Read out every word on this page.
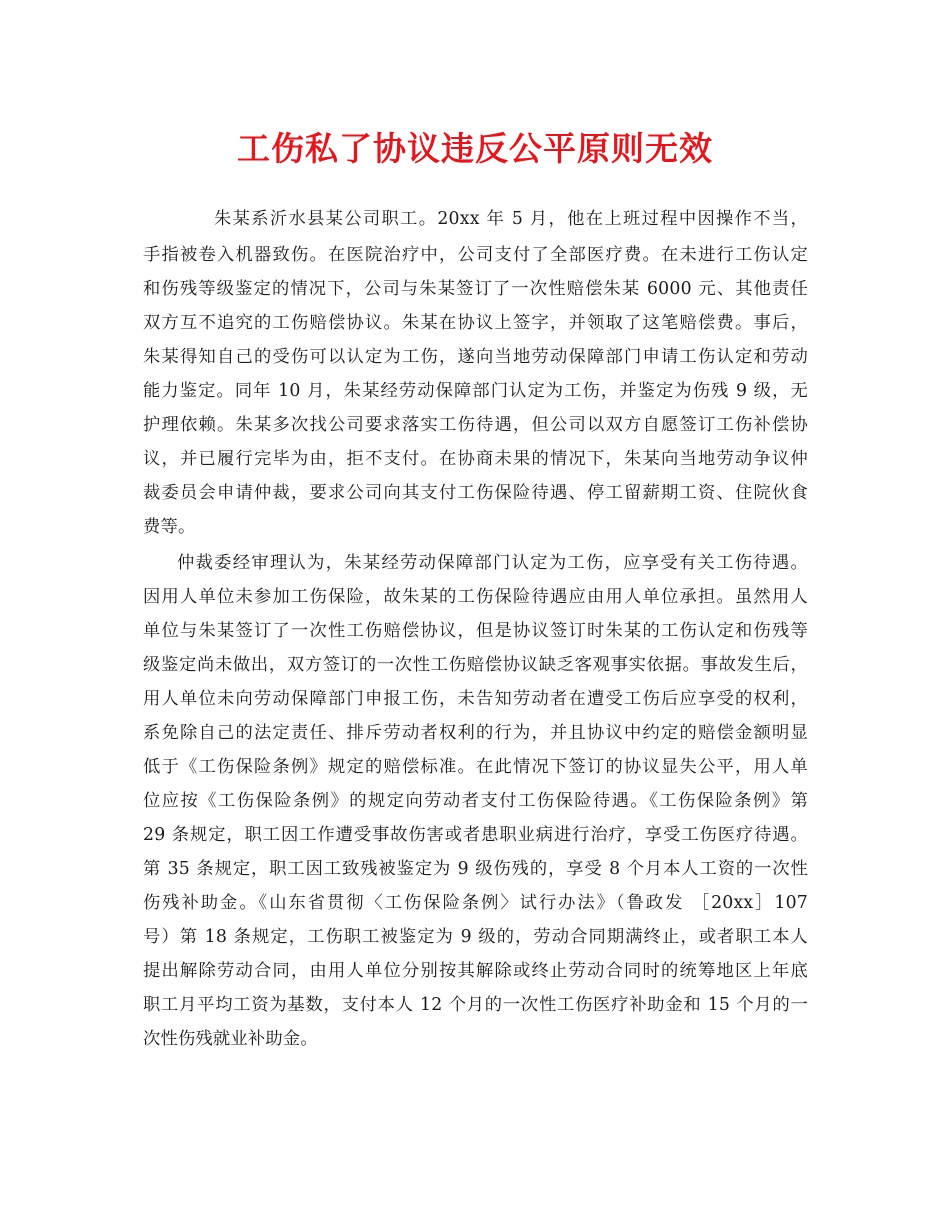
工伤私了协议违反公平原则无效
朱某系沂水县某公司职工。20xx 年 5 月，他在上班过程中因操作不当，
手指被卷入机器致伤。在医院治疗中，公司支付了全部医疗费。在未进行工伤认定
和伤残等级鉴定的情况下，公司与朱某签订了一次性赔偿朱某 6000 元、其他责任
双方互不追究的工伤赔偿协议。朱某在协议上签字，并领取了这笔赔偿费。事后，
朱某得知自己的受伤可以认定为工伤，遂向当地劳动保障部门申请工伤认定和劳动
能力鉴定。同年 10 月，朱某经劳动保障部门认定为工伤，并鉴定为伤残 9 级，无
护理依赖。朱某多次找公司要求落实工伤待遇，但公司以双方自愿签订工伤补偿协
议，并已履行完毕为由，拒不支付。在协商未果的情况下，朱某向当地劳动争议仲
裁委员会申请仲裁，要求公司向其支付工伤保险待遇、停工留薪期工资、住院伙食
费等。
仲裁委经审理认为，朱某经劳动保障部门认定为工伤，应享受有关工伤待遇。
因用人单位未参加工伤保险，故朱某的工伤保险待遇应由用人单位承担。虽然用人
单位与朱某签订了一次性工伤赔偿协议，但是协议签订时朱某的工伤认定和伤残等
级鉴定尚未做出，双方签订的一次性工伤赔偿协议缺乏客观事实依据。事故发生后，
用人单位未向劳动保障部门申报工伤，未告知劳动者在遭受工伤后应享受的权利，
系免除自己的法定责任、排斥劳动者权利的行为，并且协议中约定的赔偿金额明显
低于《工伤保险条例》规定的赔偿标准。在此情况下签订的协议显失公平，用人单
位应按《工伤保险条例》的规定向劳动者支付工伤保险待遇。《工伤保险条例》第
29 条规定，职工因工作遭受事故伤害或者患职业病进行治疗，享受工伤医疗待遇。
第 35 条规定，职工因工致残被鉴定为 9 级伤残的，享受 8 个月本人工资的一次性
伤残补助金。《山东省贯彻〈工伤保险条例〉试行办法》（鲁政发 ［20xx］107
号）第 18 条规定，工伤职工被鉴定为 9 级的，劳动合同期满终止，或者职工本人
提出解除劳动合同，由用人单位分别按其解除或终止劳动合同时的统筹地区上年底
职工月平均工资为基数，支付本人 12 个月的一次性工伤医疗补助金和 15 个月的一
次性伤残就业补助金。
